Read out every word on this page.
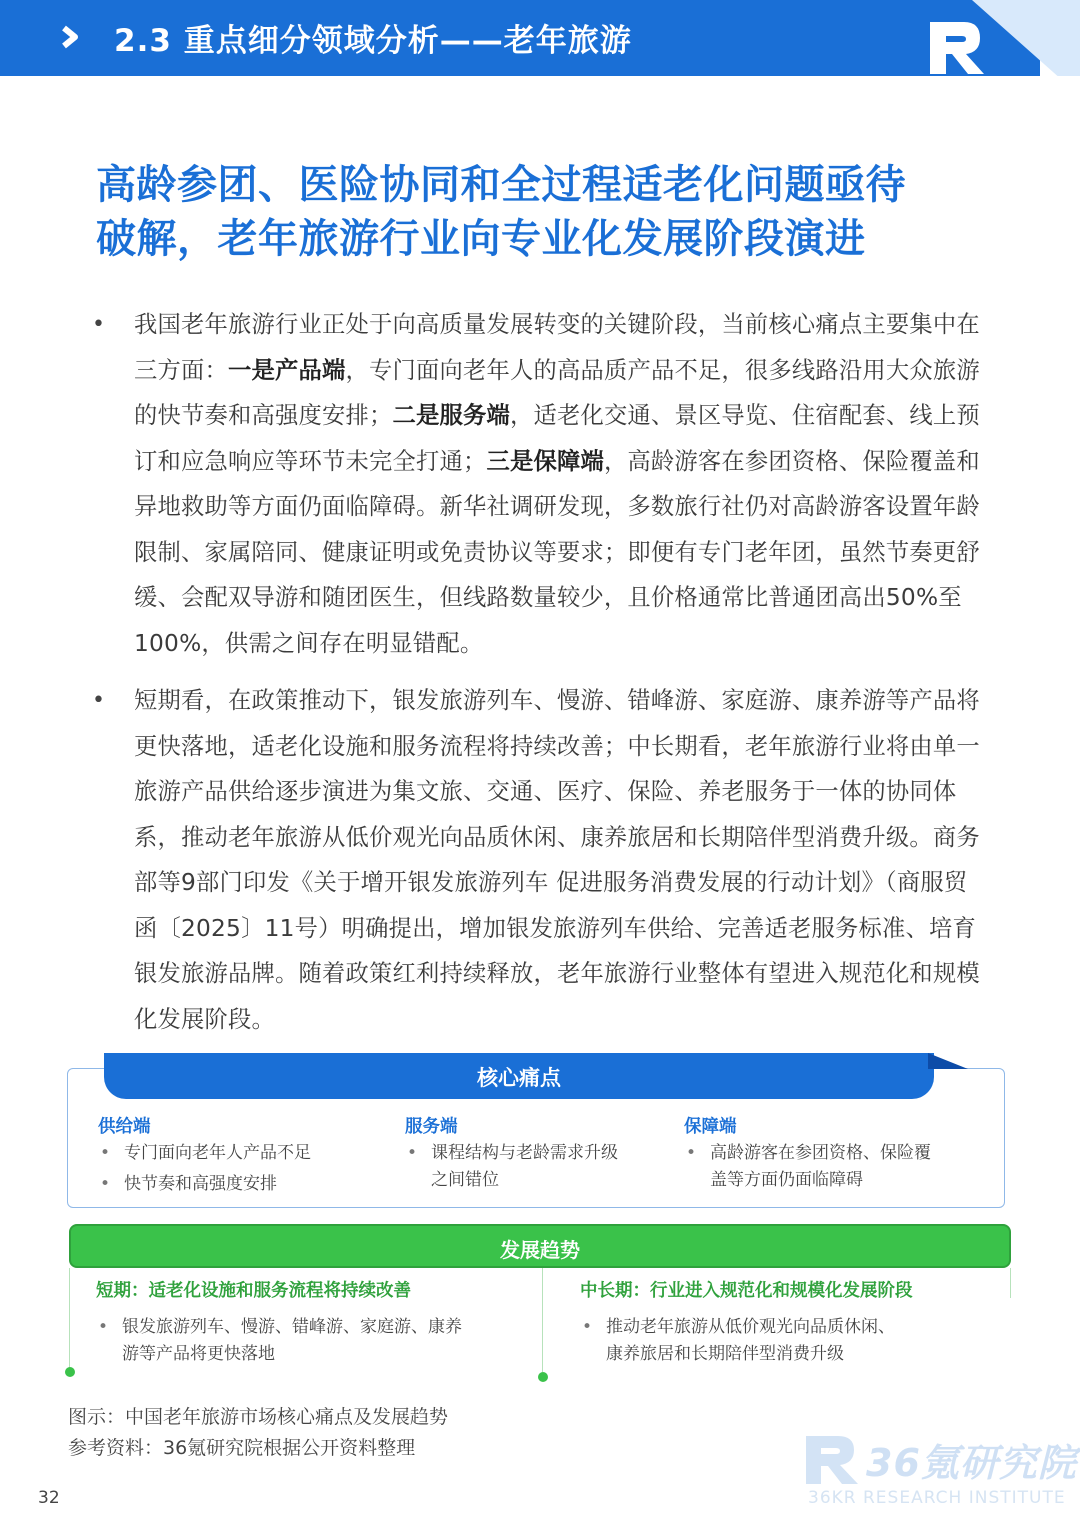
2.3 重点细分领域分析——老年旅游
高龄参团、医险协同和全过程适老化问题亟待
破解，老年旅游行业向专业化发展阶段演进
• 我国老年旅游行业正处于向高质量发展转变的关键阶段，当前核心痛点主要集中在三方面：一是产品端，专门面向老年人的高品质产品不足，很多线路沿用大众旅游的快节奏和高强度安排；二是服务端，适老化交通、景区导览、住宿配套、线上预订和应急响应等环节未完全打通；三是保障端，高龄游客在参团资格、保险覆盖和异地救助等方面仍面临障碍。新华社调研发现，多数旅行社仍对高龄游客设置年龄限制、家属陪同、健康证明或免责协议等要求；即便有专门老年团，虽然节奏更舒缓、会配双导游和随团医生，但线路数量较少，且价格通常比普通团高出50%至100%，供需之间存在明显错配。
• 短期看，在政策推动下，银发旅游列车、慢游、错峰游、家庭游、康养游等产品将更快落地，适老化设施和服务流程将持续改善；中长期看，老年旅游行业将由单一旅游产品供给逐步演进为集文旅、交通、医疗、保险、养老服务于一体的协同体系，推动老年旅游从低价观光向品质休闲、康养旅居和长期陪伴型消费升级。商务部等9部门印发《关于增开银发旅游列车 促进服务消费发展的行动计划》（商服贸函〔2025〕11号）明确提出，增加银发旅游列车供给、完善适老服务标准、培育银发旅游品牌。随着政策红利持续释放，老年旅游行业整体有望进入规范化和规模化发展阶段。
核心痛点
供给端
• 专门面向老年人产品不足
• 快节奏和高强度安排
服务端
• 课程结构与老龄需求升级
之间错位
保障端
• 高龄游客在参团资格、保险覆
盖等方面仍面临障碍
发展趋势
短期：适老化设施和服务流程将持续改善
• 银发旅游列车、慢游、错峰游、家庭游、康养
游等产品将更快落地
中长期：行业进入规范化和规模化发展阶段
• 推动老年旅游从低价观光向品质休闲、
康养旅居和长期陪伴型消费升级
图示：中国老年旅游市场核心痛点及发展趋势
参考资料：36氪研究院根据公开资料整理	36氪研究院
36KR RESEARCH INSTITUTE
32
